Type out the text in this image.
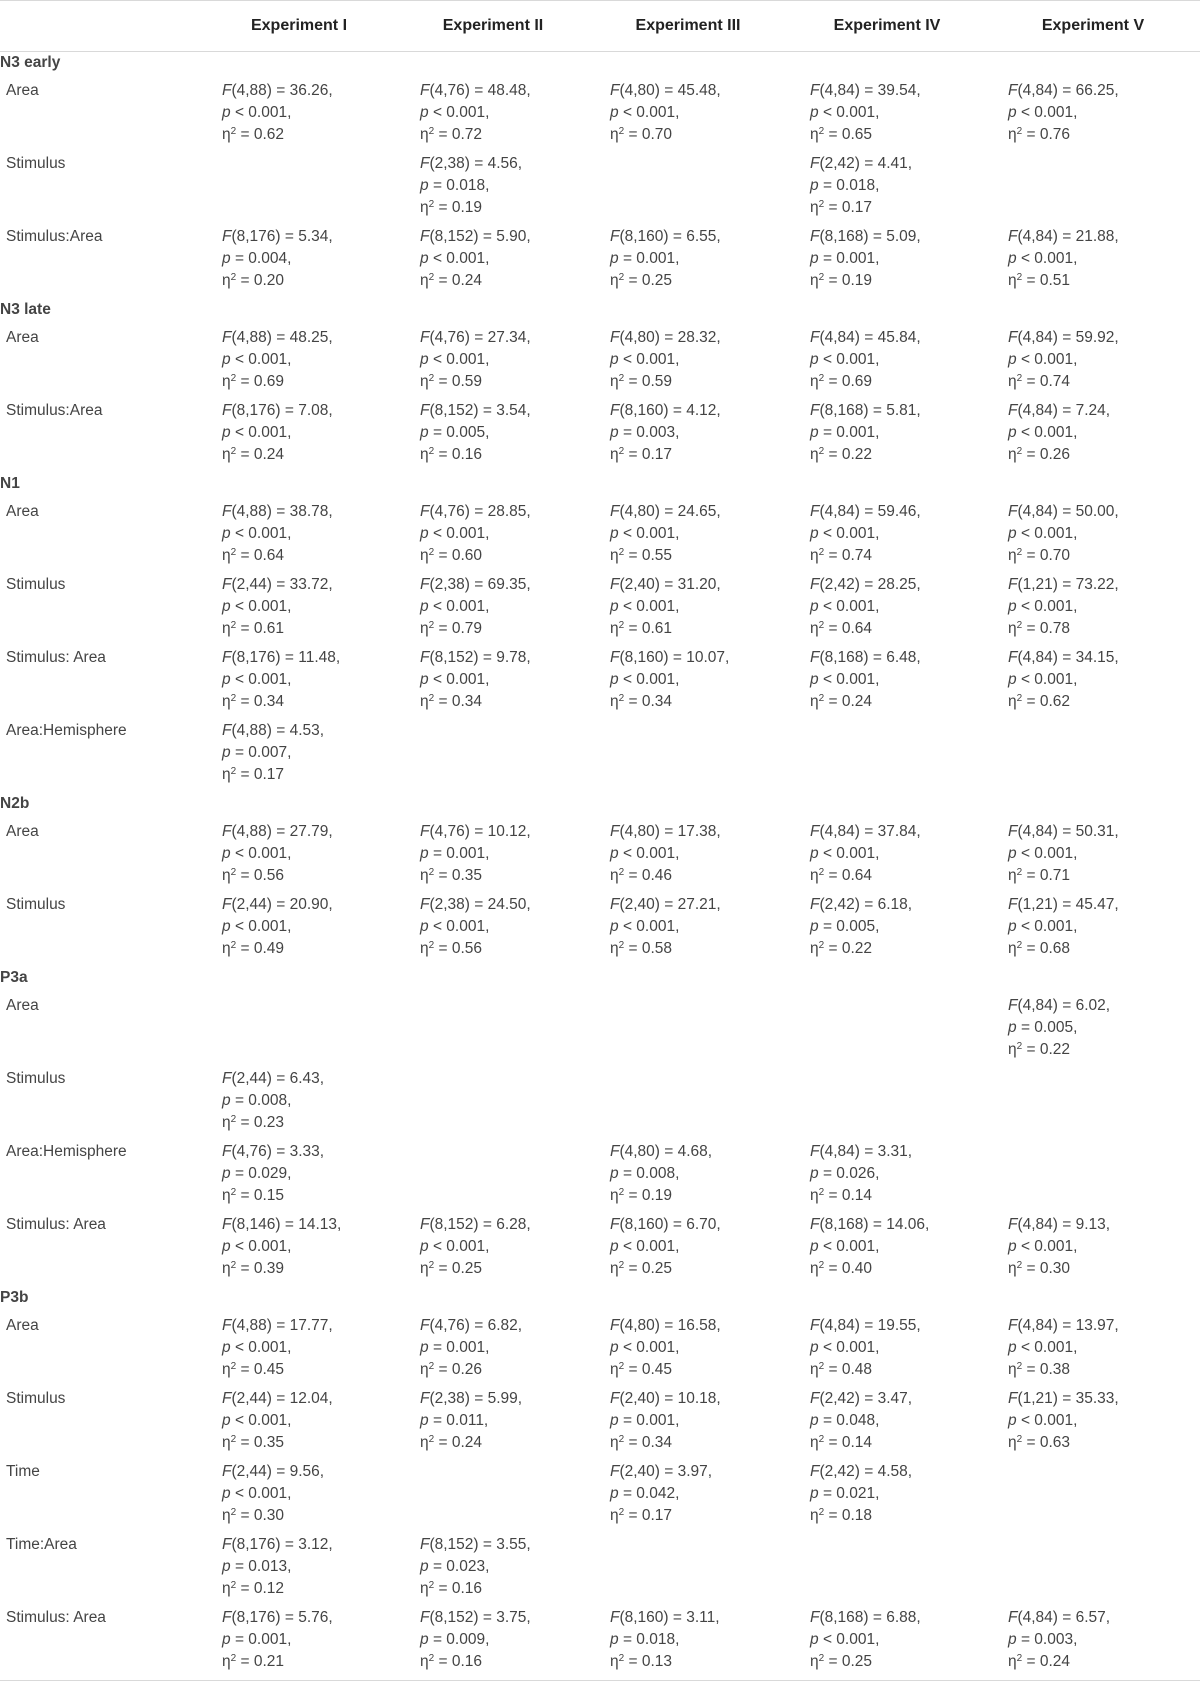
	Experiment I	Experiment II	Experiment III	Experiment IV	Experiment V
N3 early					
Area	F(4,88) = 36.26,
p < 0.001,
$\eta^2 = 0.62$	F(4,76) = 48.48,
p < 0.001,
$\eta^2 = 0.72$	F(4,80) = 45.48,
p < 0.001,
$\eta^2 = 0.70$	F(4,84) = 39.54,
p < 0.001,
$\eta^2 = 0.65$	F(4,84) = 66.25,
p < 0.001,
$\eta^2 = 0.76$

Stimulus		F(2,38) = 4.56,
p = 0.018,
$\eta^2 = 0.19$		F(2,42) = 4.41,
p = 0.018,
$\eta^2 = 0.17$	

Stimulus:Area	F(8,176) = 5.34,
p = 0.004,
$\eta^2 = 0.20$	F(8,152) = 5.90,
p < 0.001,
$\eta^2 = 0.24$	F(8,160) = 6.55,
p = 0.001,
$\eta^2 = 0.25$	F(8,168) = 5.09,
p = 0.001,
$\eta^2 = 0.19$	F(4,84) = 21.88,
p < 0.001,
$\eta^2 = 0.51$

N3 late					
Area	F(4,88) = 48.25,
p < 0.001,
$\eta^2 = 0.69$	F(4,76) = 27.34,
p < 0.001,
$\eta^2 = 0.59$	F(4,80) = 28.32,
p < 0.001,
$\eta^2 = 0.59$	F(4,84) = 45.84,
p < 0.001,
$\eta^2 = 0.69$	F(4,84) = 59.92,
p < 0.001,
$\eta^2 = 0.74$

Stimulus:Area	F(8,176) = 7.08,
p < 0.001,
$\eta^2 = 0.24$	F(8,152) = 3.54,
p = 0.005,
$\eta^2 = 0.16$	F(8,160) = 4.12,
p = 0.003,
$\eta^2 = 0.17$	F(8,168) = 5.81,
p = 0.001,
$\eta^2 = 0.22$	F(4,84) = 7.24,
p < 0.001,
$\eta^2 = 0.26$

N1					
Area	F(4,88) = 38.78,
p < 0.001,
$\eta^2 = 0.64$	F(4,76) = 28.85,
p < 0.001,
$\eta^2 = 0.60$	F(4,80) = 24.65,
p < 0.001,
$\eta^2 = 0.55$	F(4,84) = 59.46,
p < 0.001,
$\eta^2 = 0.74$	F(4,84) = 50.00,
p < 0.001,
$\eta^2 = 0.70$

Stimulus	F(2,44) = 33.72,
p < 0.001,
$\eta^2 = 0.61$	F(2,38) = 69.35,
p < 0.001,
$\eta^2 = 0.79$	F(2,40) = 31.20,
p < 0.001,
$\eta^2 = 0.61$	F(2,42) = 28.25,
p < 0.001,
$\eta^2 = 0.64$	F(1,21) = 73.22,
p < 0.001,
$\eta^2 = 0.78$

Stimulus: Area	F(8,176) = 11.48,
p < 0.001,
$\eta^2 = 0.34$	F(8,152) = 9.78,
p < 0.001,
$\eta^2 = 0.34$	F(8,160) = 10.07,
p < 0.001,
$\eta^2 = 0.34$	F(8,168) = 6.48,
p < 0.001,
$\eta^2 = 0.24$	F(4,84) = 34.15,
p < 0.001,
$\eta^2 = 0.62$

Area:Hemisphere	F(4,88) = 4.53,
p = 0.007,
$\eta^2 = 0.17$				

N2b					
Area	F(4,88) = 27.79,
p < 0.001,
$\eta^2 = 0.56$	F(4,76) = 10.12,
p = 0.001,
$\eta^2 = 0.35$	F(4,80) = 17.38,
p < 0.001,
$\eta^2 = 0.46$	F(4,84) = 37.84,
p < 0.001,
$\eta^2 = 0.64$	F(4,84) = 50.31,
p < 0.001,
$\eta^2 = 0.71$

Stimulus	F(2,44) = 20.90,
p < 0.001,
$\eta^2 = 0.49$	F(2,38) = 24.50,
p < 0.001,
$\eta^2 = 0.56$	F(2,40) = 27.21,
p < 0.001,
$\eta^2 = 0.58$	F(2,42) = 6.18,
p = 0.005,
$\eta^2 = 0.22$	F(1,21) = 45.47,
p < 0.001,
$\eta^2 = 0.68$

P3a					
Area					F(4,84) = 6.02,
p = 0.005,
$\eta^2 = 0.22$

Stimulus	F(2,44) = 6.43,
p = 0.008,
$\eta^2 = 0.23$				

Area:Hemisphere	F(4,76) = 3.33,
p = 0.029,
$\eta^2 = 0.15$		F(4,80) = 4.68,
p = 0.008,
$\eta^2 = 0.19$	F(4,84) = 3.31,
p = 0.026,
$\eta^2 = 0.14$	

Stimulus: Area	F(8,146) = 14.13,
p < 0.001,
$\eta^2 = 0.39$	F(8,152) = 6.28,
p < 0.001,
$\eta^2 = 0.25$	F(8,160) = 6.70,
p < 0.001,
$\eta^2 = 0.25$	F(8,168) = 14.06,
p < 0.001,
$\eta^2 = 0.40$	F(4,84) = 9.13,
p < 0.001,
$\eta^2 = 0.30$

P3b					
Area	F(4,88) = 17.77,
p < 0.001,
$\eta^2 = 0.45$	F(4,76) = 6.82,
p = 0.001,
$\eta^2 = 0.26$	F(4,80) = 16.58,
p < 0.001,
$\eta^2 = 0.45$	F(4,84) = 19.55,
p < 0.001,
$\eta^2 = 0.48$	F(4,84) = 13.97,
p < 0.001,
$\eta^2 = 0.38$

Stimulus	F(2,44) = 12.04,
p < 0.001,
$\eta^2 = 0.35$	F(2,38) = 5.99,
p = 0.011,
$\eta^2 = 0.24$	F(2,40) = 10.18,
p = 0.001,
$\eta^2 = 0.34$	F(2,42) = 3.47,
p = 0.048,
$\eta^2 = 0.14$	F(1,21) = 35.33,
p < 0.001,
$\eta^2 = 0.63$

Time	F(2,44) = 9.56,
p < 0.001,
$\eta^2 = 0.30$		F(2,40) = 3.97,
p = 0.042,
$\eta^2 = 0.17$	F(2,42) = 4.58,
p = 0.021,
$\eta^2 = 0.18$	

Time:Area	F(8,176) = 3.12,
p = 0.013,
$\eta^2 = 0.12$	F(8,152) = 3.55,
p = 0.023,
$\eta^2 = 0.16$			

Stimulus: Area	F(8,176) = 5.76,
p = 0.001,
$\eta^2 = 0.21$	F(8,152) = 3.75,
p = 0.009,
$\eta^2 = 0.16$	F(8,160) = 3.11,
p = 0.018,
$\eta^2 = 0.13$	F(8,168) = 6.88,
p < 0.001,
$\eta^2 = 0.25$	F(4,84) = 6.57,
p = 0.003,
$\eta^2 = 0.24$
